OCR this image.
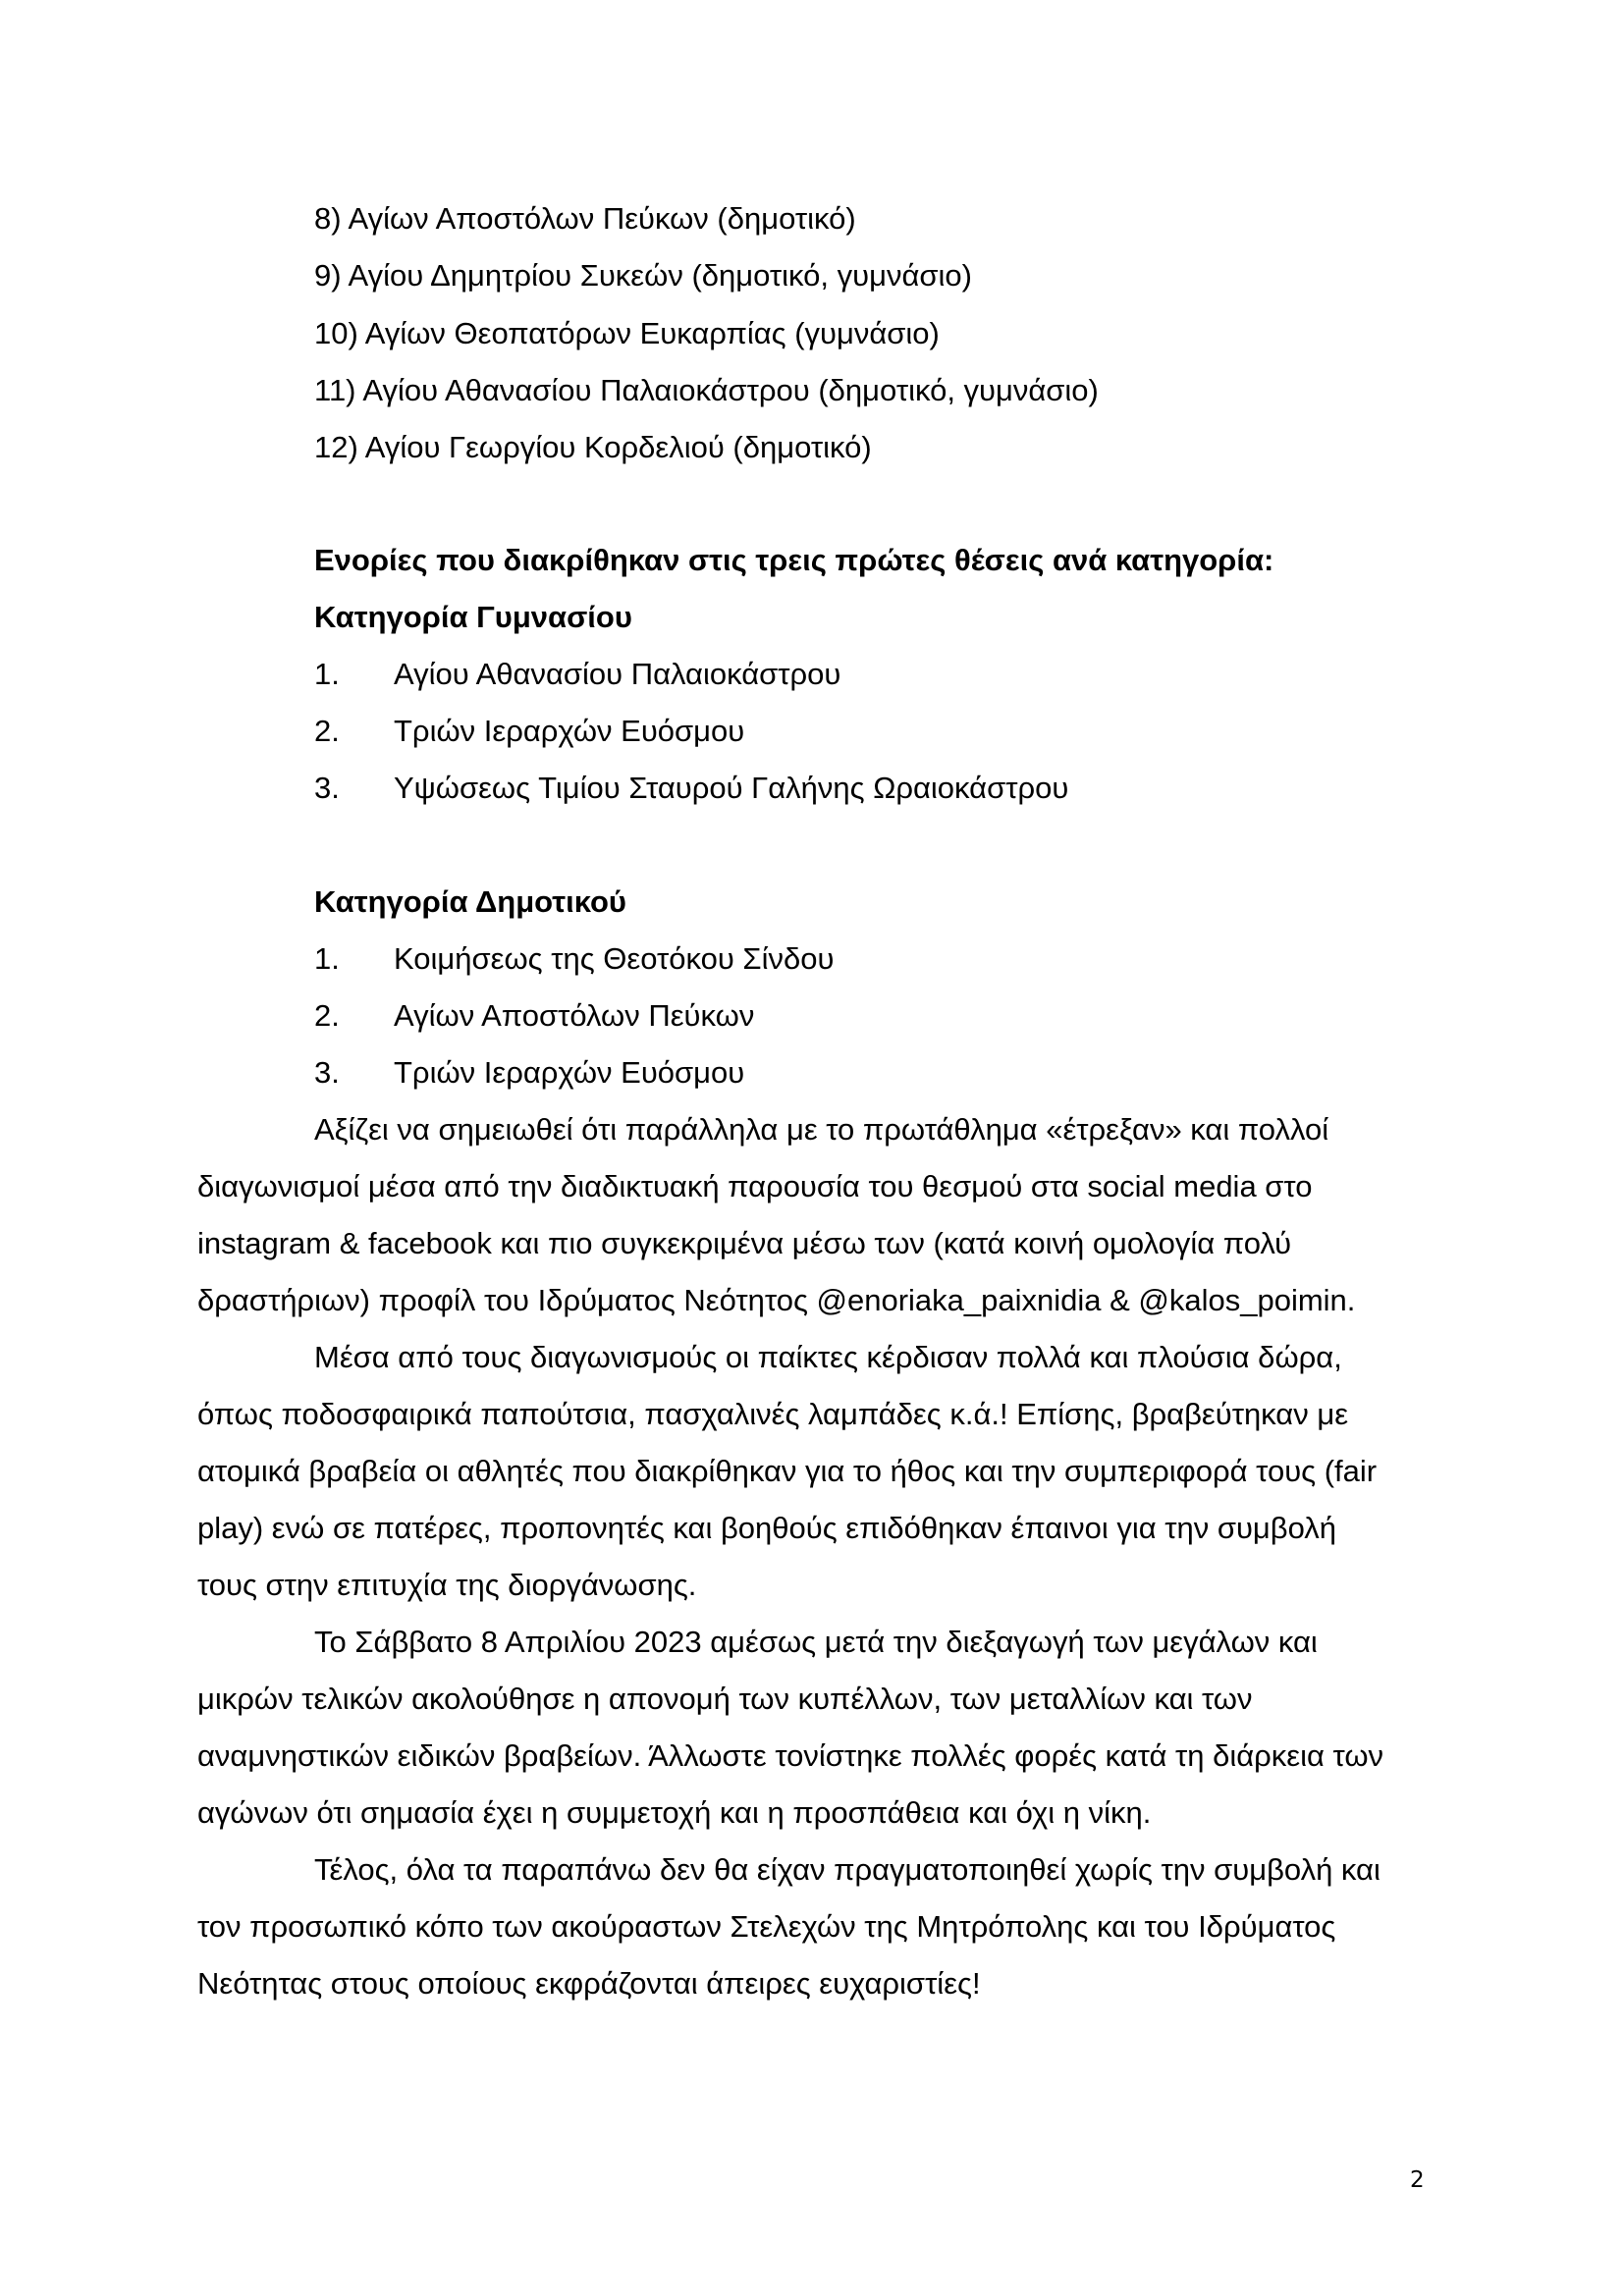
8) Αγίων Αποστόλων Πεύκων (δημοτικό)
9) Αγίου Δημητρίου Συκεών (δημοτικό, γυμνάσιο)
10) Αγίων Θεοπατόρων Ευκαρπίας (γυμνάσιο)
11) Αγίου Αθανασίου Παλαιοκάστρου (δημοτικό, γυμνάσιο)
12) Αγίου Γεωργίου Κορδελιού (δημοτικό)
Ενορίες που διακρίθηκαν στις τρεις πρώτες θέσεις ανά κατηγορία:
Κατηγορία Γυμνασίου
1. Αγίου Αθανασίου Παλαιοκάστρου
2. Τριών Ιεραρχών Ευόσμου
3. Υψώσεως Τιμίου Σταυρού Γαλήνης Ωραιοκάστρου
Κατηγορία Δημοτικού
1. Κοιμήσεως της Θεοτόκου Σίνδου
2. Αγίων Αποστόλων Πεύκων
3. Τριών Ιεραρχών Ευόσμου
Αξίζει να σημειωθεί ότι παράλληλα με το πρωτάθλημα «έτρεξαν» και πολλοί
διαγωνισμοί μέσα από την διαδικτυακή παρουσία του θεσμού στα social media στο
instagram & facebook και πιο συγκεκριμένα μέσω των (κατά κοινή ομολογία πολύ
δραστήριων) προφίλ του Ιδρύματος Νεότητος @enoriaka_paixnidia & @kalos_poimin.
Μέσα από τους διαγωνισμούς οι παίκτες κέρδισαν πολλά και πλούσια δώρα,
όπως ποδοσφαιρικά παπούτσια, πασχαλινές λαμπάδες κ.ά.! Επίσης, βραβεύτηκαν με
ατομικά βραβεία οι αθλητές που διακρίθηκαν για το ήθος και την συμπεριφορά τους (fair
play) ενώ σε πατέρες, προπονητές και βοηθούς επιδόθηκαν έπαινοι για την συμβολή
τους στην επιτυχία της διοργάνωσης.
Το Σάββατο 8 Απριλίου 2023 αμέσως μετά την διεξαγωγή των μεγάλων και
μικρών τελικών ακολούθησε η απονομή των κυπέλλων, των μεταλλίων και των
αναμνηστικών ειδικών βραβείων. Άλλωστε τονίστηκε πολλές φορές κατά τη διάρκεια των
αγώνων ότι σημασία έχει η συμμετοχή και η προσπάθεια και όχι η νίκη.
Τέλος, όλα τα παραπάνω δεν θα είχαν πραγματοποιηθεί χωρίς την συμβολή και
τον προσωπικό κόπο των ακούραστων Στελεχών της Μητρόπολης και του Ιδρύματος
Νεότητας στους οποίους εκφράζονται άπειρες ευχαριστίες!
2
